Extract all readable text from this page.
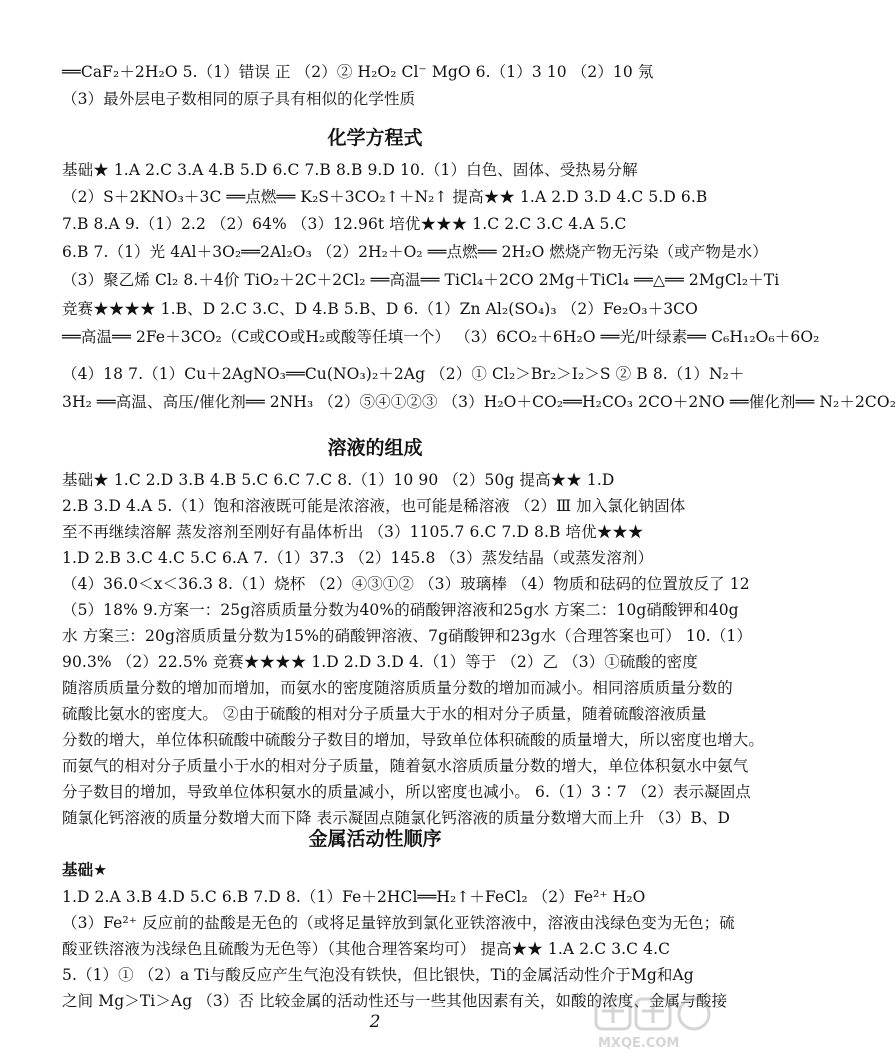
══CaF₂＋2H₂O 5.（1）错误 正 （2）② H₂O₂ Cl⁻ MgO 6.（1）3 10 （2）10 氖
（3）最外层电子数相同的原子具有相似的化学性质
化学方程式
基础★ 1.A 2.C 3.A 4.B 5.D 6.C 7.B 8.B 9.D 10.（1）白色、固体、受热易分解
（2）S＋2KNO₃＋3C ══点燃══ K₂S＋3CO₂↑＋N₂↑ 提高★★ 1.A 2.D 3.D 4.C 5.D 6.B
7.B 8.A 9.（1）2.2 （2）64% （3）12.96t 培优★★★ 1.C 2.C 3.C 4.A 5.C
6.B 7.（1）光 4Al＋3O₂══2Al₂O₃ （2）2H₂＋O₂ ══点燃══ 2H₂O 燃烧产物无污染（或产物是水）
（3）聚乙烯 Cl₂ 8.＋4价 TiO₂＋2C＋2Cl₂ ══高温══ TiCl₄＋2CO 2Mg＋TiCl₄ ══△══ 2MgCl₂＋Ti
竞赛★★★★ 1.B、D 2.C 3.C、D 4.B 5.B、D 6.（1）Zn Al₂(SO₄)₃ （2）Fe₂O₃＋3CO
══高温══ 2Fe＋3CO₂（C或CO或H₂或酸等任填一个） （3）6CO₂＋6H₂O ══光/叶绿素══ C₆H₁₂O₆＋6O₂
（4）18 7.（1）Cu＋2AgNO₃══Cu(NO₃)₂＋2Ag （2）① Cl₂＞Br₂＞I₂＞S ② B 8.（1）N₂＋
3H₂ ══高温、高压/催化剂══ 2NH₃ （2）⑤④①②③ （3）H₂O＋CO₂══H₂CO₃ 2CO＋2NO ══催化剂══ N₂＋2CO₂
溶液的组成
基础★ 1.C 2.D 3.B 4.B 5.C 6.C 7.C 8.（1）10 90 （2）50g 提高★★ 1.D
2.B 3.D 4.A 5.（1）饱和溶液既可能是浓溶液，也可能是稀溶液 （2）Ⅲ 加入氯化钠固体
至不再继续溶解 蒸发溶剂至刚好有晶体析出 （3）1105.7 6.C 7.D 8.B 培优★★★
1.D 2.B 3.C 4.C 5.C 6.A 7.（1）37.3 （2）145.8 （3）蒸发结晶（或蒸发溶剂）
（4）36.0＜x＜36.3 8.（1）烧杯 （2）④③①② （3）玻璃棒 （4）物质和砝码的位置放反了 12
（5）18% 9.方案一：25g溶质质量分数为40%的硝酸钾溶液和25g水 方案二：10g硝酸钾和40g
水 方案三：20g溶质质量分数为15%的硝酸钾溶液、7g硝酸钾和23g水（合理答案也可） 10.（1）
90.3% （2）22.5% 竞赛★★★★ 1.D 2.D 3.D 4.（1）等于 （2）乙 （3）①硫酸的密度
随溶质质量分数的增加而增加，而氨水的密度随溶质质量分数的增加而减小。相同溶质质量分数的
硫酸比氨水的密度大。 ②由于硫酸的相对分子质量大于水的相对分子质量，随着硫酸溶液质量
分数的增大，单位体积硫酸中硫酸分子数目的增加，导致单位体积硫酸的质量增大，所以密度也增大。
而氨气的相对分子质量小于水的相对分子质量，随着氨水溶质质量分数的增大，单位体积氨水中氨气
分子数目的增加，导致单位体积氨水的质量减小，所以密度也减小。 6.（1）3∶7 （2）表示凝固点
随氯化钙溶液的质量分数增大而下降 表示凝固点随氯化钙溶液的质量分数增大而上升 （3）B、D
金属活动性顺序
基础★
1.D 2.A 3.B 4.D 5.C 6.B 7.D 8.（1）Fe＋2HCl══H₂↑＋FeCl₂ （2）Fe²⁺ H₂O
（3）Fe²⁺ 反应前的盐酸是无色的（或将足量锌放到氯化亚铁溶液中，溶液由浅绿色变为无色；硫
酸亚铁溶液为浅绿色且硫酸为无色等）（其他合理答案均可） 提高★★ 1.A 2.C 3.C 4.C
5.（1）① （2）a Ti与酸反应产生气泡没有铁快，但比银快，Ti的金属活动性介于Mg和Ag
之间 Mg＞Ti＞Ag （3）否 比较金属的活动性还与一些其他因素有关，如酸的浓度、金属与酸接
2
MXQE.COM
